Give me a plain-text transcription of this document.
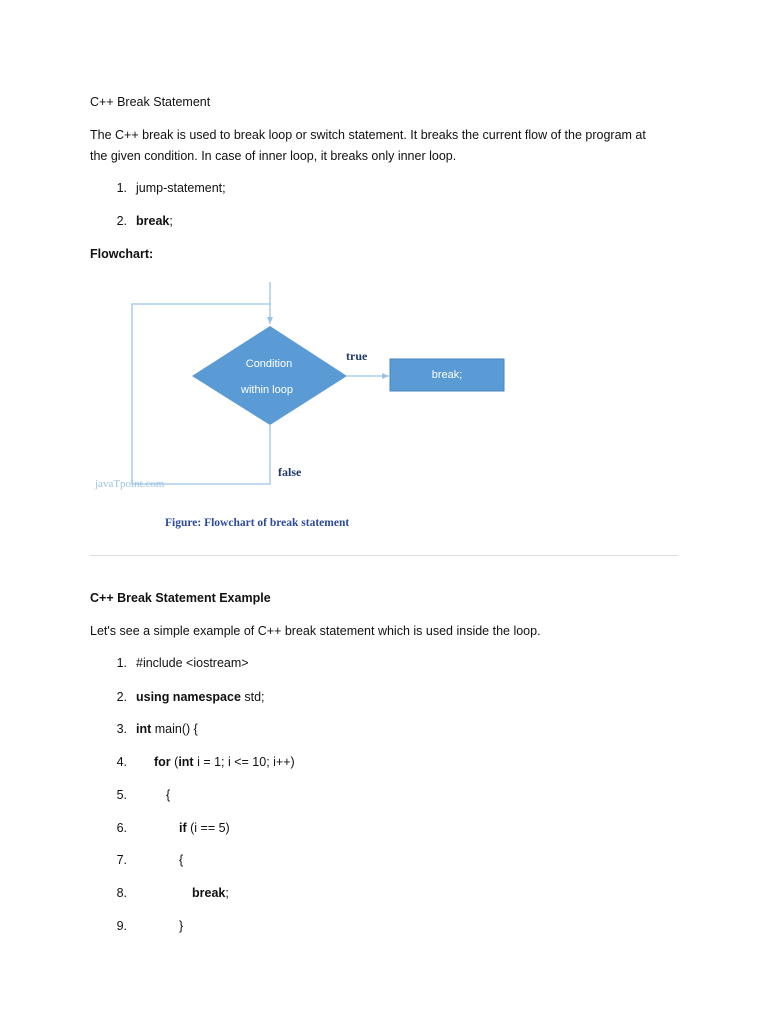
C++ Break Statement
The C++ break is used to break loop or switch statement. It breaks the current flow of the program at
the given condition. In case of inner loop, it breaks only inner loop.
1. jump-statement;
2. break;
Flowchart:
Condition
within loop
break;
true
false
javaTpoint.com
Figure: Flowchart of break statement
C++ Break Statement Example
Let's see a simple example of C++ break statement which is used inside the loop.
1. #include <iostream>
2. using namespace std;
3. int main() {
4. for (int i = 1; i <= 10; i++)
5.	{
6.	if (i == 5)
7.	{
8.	break;
9.	}
